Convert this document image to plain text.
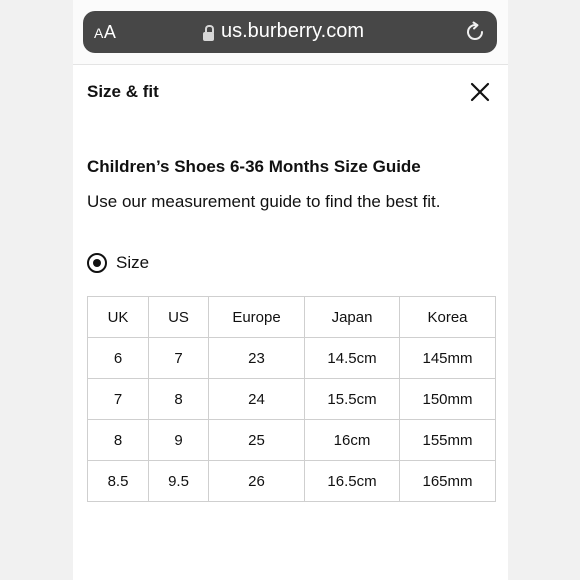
AA	us.burberry.com
Size & fit
Children’s Shoes 6-36 Months Size Guide
Use our measurement guide to find the best fit.
Size
UK	US	Europe	Japan	Korea
6	7	23	14.5cm	145mm
7	8	24	15.5cm	150mm
8	9	25	16cm	155mm
8.5	9.5	26	16.5cm	165mm
